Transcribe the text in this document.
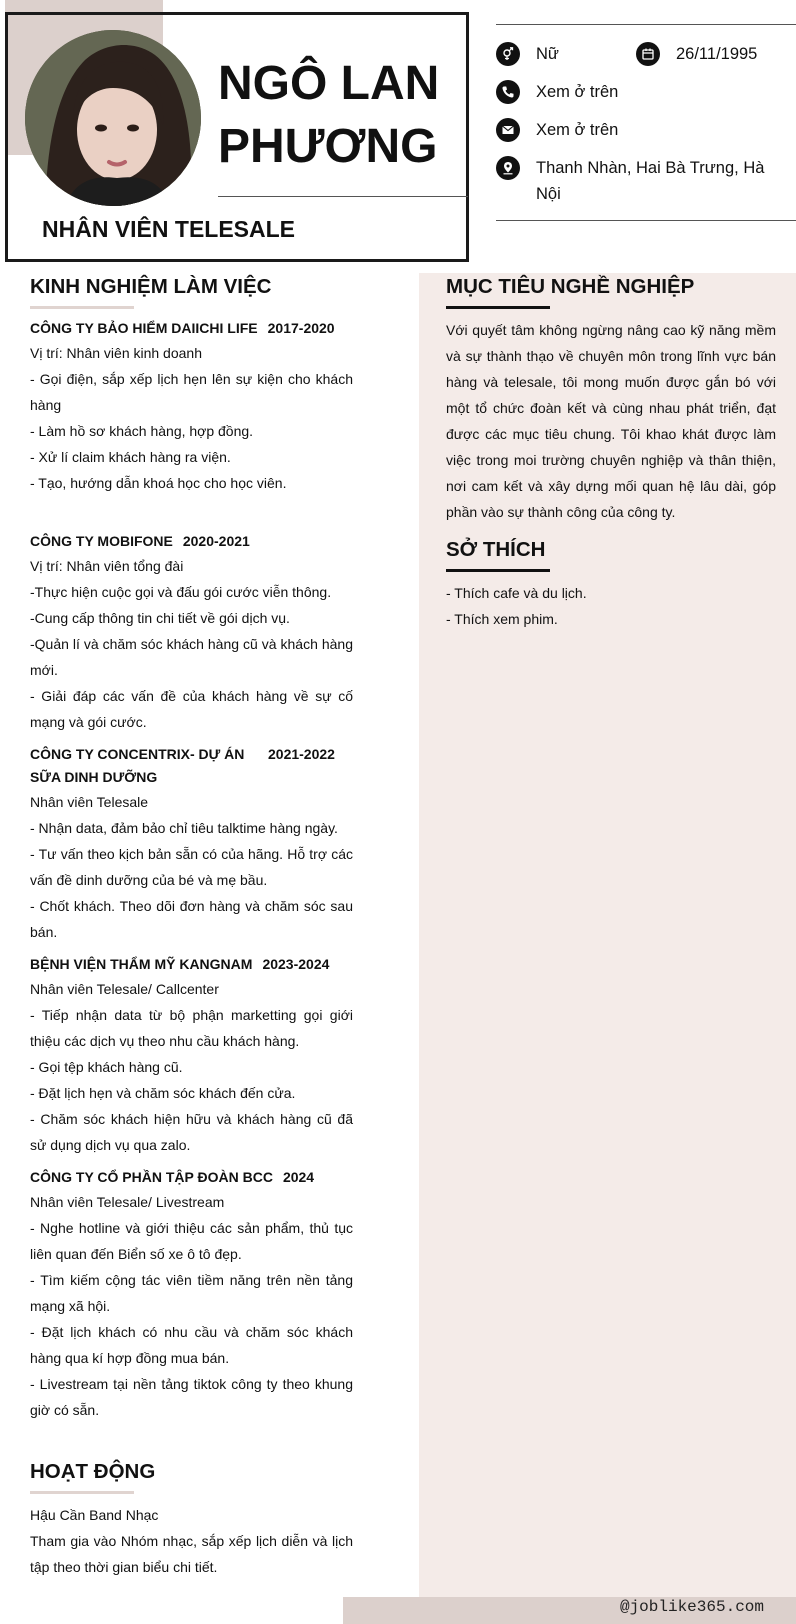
NGÔ LAN PHƯƠNG
NHÂN VIÊN TELESALE
Nữ	26/11/1995
Xem ở trên
Xem ở trên
Thanh Nhàn, Hai Bà Trưng, Hà Nội
KINH NGHIỆM LÀM VIỆC
CÔNG TY BẢO HIỂM DAIICHI LIFE 2017-2020
Vị trí: Nhân viên kinh doanh
- Gọi điện, sắp xếp lịch hẹn lên sự kiện cho khách hàng
- Làm hồ sơ khách hàng, hợp đồng.
- Xử lí claim khách hàng ra viện.
- Tạo, hướng dẫn khoá học cho học viên.
CÔNG TY MOBIFONE 2020-2021
Vị trí: Nhân viên tổng đài
-Thực hiện cuộc gọi và đấu gói cước viễn thông.
-Cung cấp thông tin chi tiết về gói dịch vụ.
-Quản lí và chăm sóc khách hàng cũ và khách hàng mới.
- Giải đáp các vấn đề của khách hàng về sự cố mạng và gói cước.
CÔNG TY CONCENTRIX- DỰ ÁN SỮA DINH DƯỠNG
2021-2022
Nhân viên Telesale
- Nhận data, đảm bảo chỉ tiêu talktime hàng ngày.
- Tư vấn theo kịch bản sẵn có của hãng. Hỗ trợ các vấn đề dinh dưỡng của bé và mẹ bầu.
- Chốt khách. Theo dõi đơn hàng và chăm sóc sau bán.
BỆNH VIỆN THẨM MỸ KANGNAM 2023-2024
Nhân viên Telesale/ Callcenter
- Tiếp nhận data từ bộ phận marketting gọi giới thiệu các dịch vụ theo nhu cầu khách hàng.
- Gọi tệp khách hàng cũ.
- Đặt lịch hẹn và chăm sóc khách đến cửa.
- Chăm sóc khách hiện hữu và khách hàng cũ đã sử dụng dịch vụ qua zalo.
CÔNG TY CỔ PHẦN TẬP ĐOÀN BCC 2024
Nhân viên Telesale/ Livestream
- Nghe hotline và giới thiệu các sản phẩm, thủ tục liên quan đến Biển số xe ô tô đẹp.
- Tìm kiếm cộng tác viên tiềm năng trên nền tảng mạng xã hội.
- Đặt lịch khách có nhu cầu và chăm sóc khách hàng qua kí hợp đồng mua bán.
- Livestream tại nền tảng tiktok công ty theo khung giờ có sẵn.
HOẠT ĐỘNG
Hậu Cần Band Nhạc
Tham gia vào Nhóm nhạc, sắp xếp lịch diễn và lịch tập theo thời gian biểu chi tiết.
MỤC TIÊU NGHỀ NGHIỆP
Với quyết tâm không ngừng nâng cao kỹ năng mềm và sự thành thạo về chuyên môn trong lĩnh vực bán hàng và telesale, tôi mong muốn được gắn bó với một tổ chức đoàn kết và cùng nhau phát triển, đạt được các mục tiêu chung. Tôi khao khát được làm việc trong moi trường chuyên nghiệp và thân thiện, nơi cam kết và xây dựng mối quan hệ lâu dài, góp phần vào sự thành công của công ty.
SỞ THÍCH
- Thích cafe và du lịch.
- Thích xem phim.
@joblike365.com
